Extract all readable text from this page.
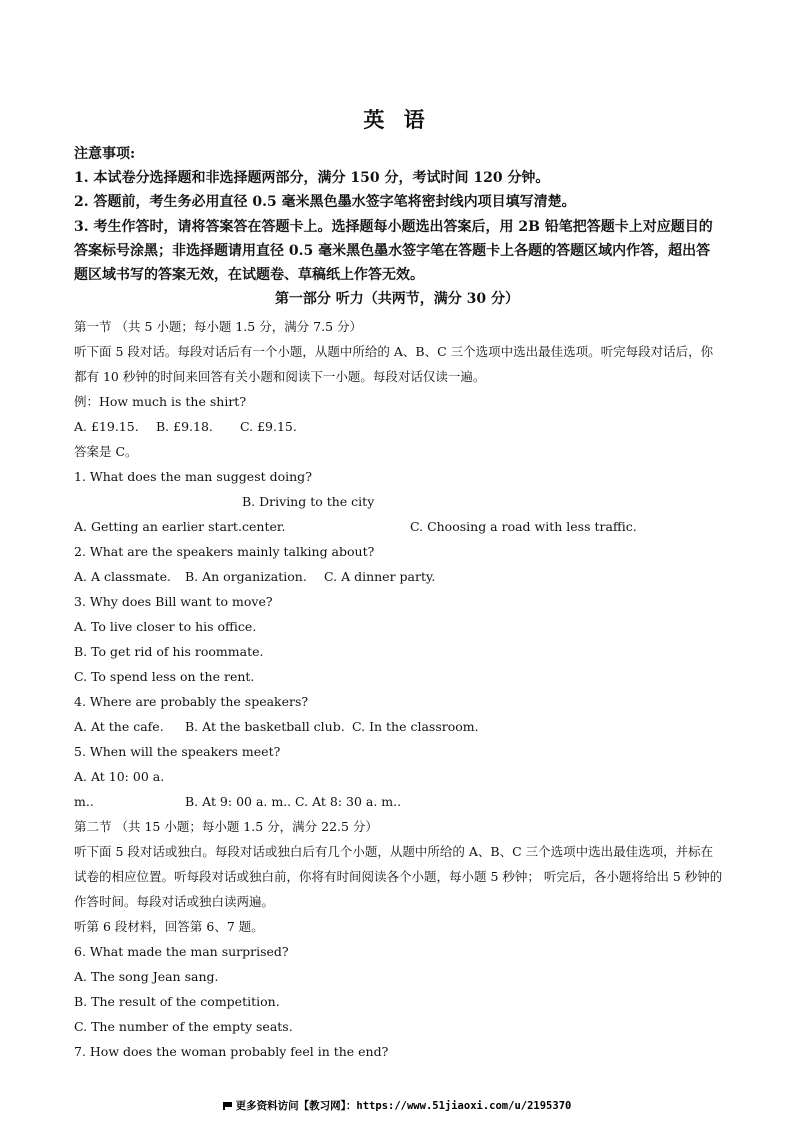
英 语

注意事项:

1. 本试卷分选择题和非选择题两部分，满分 150 分，考试时间 120 分钟。

2. 答题前，考生务必用直径 0.5 毫米黑色墨水签字笔将密封线内项目填写清楚。

3. 考生作答时，请将答案答在答题卡上。选择题每小题选出答案后，用 2B 铅笔把答题卡上对应题目的答案标号涂黑；非选择题请用直径 0.5 毫米黑色墨水签字笔在答题卡上各题的答题区域内作答，超出答题区域书写的答案无效，在试题卷、草稿纸上作答无效。

第一部分 听力（共两节，满分 30 分）

第一节 （共 5 小题；每小题 1.5 分，满分 7.5 分）

听下面 5 段对话。每段对话后有一个小题，从题中所给的 A、B、C 三个选项中选出最佳选项。听完每段对话后，你都有 10 秒钟的时间来回答有关小题和阅读下一小题。每段对话仅读一遍。

例：How much is the shirt?

A. £19.15. B. £9.18. C. £9.15.

答案是 C。

1. What does the man suggest doing?

A. Getting an earlier start.B. Driving to the city center.	C. Choosing a road with less traffic.

2. What are the speakers mainly talking about?

A. A classmate. B. An organization. C. A dinner party.

3. Why does Bill want to move?

A. To live closer to his office.

B. To get rid of his roommate.

C. To spend less on the rent.

4. Where are probably the speakers?

A. At the cafe. B. At the basketball club. C. In the classroom.

5. When will the speakers meet?

A. At 10: 00 a. m..	B. At 9: 00 a. m.. C. At 8: 30 a. m..

第二节 （共 15 小题；每小题 1.5 分，满分 22.5 分）

听下面 5 段对话或独白。每段对话或独白后有几个小题，从题中所给的 A、B、C 三个选项中选出最佳选项，并标在试卷的相应位置。听每段对话或独白前，你将有时间阅读各个小题，每小题 5 秒钟； 听完后，各小题将给出 5 秒钟的作答时间。每段对话或独白读两遍。

听第 6 段材料，回答第 6、7 题。

6. What made the man surprised?

A. The song Jean sang.

B. The result of the competition.

C. The number of the empty seats.

7. How does the woman probably feel in the end?

更多资料访问【教习网】：https://www.51jiaoxi.com/u/2195370
